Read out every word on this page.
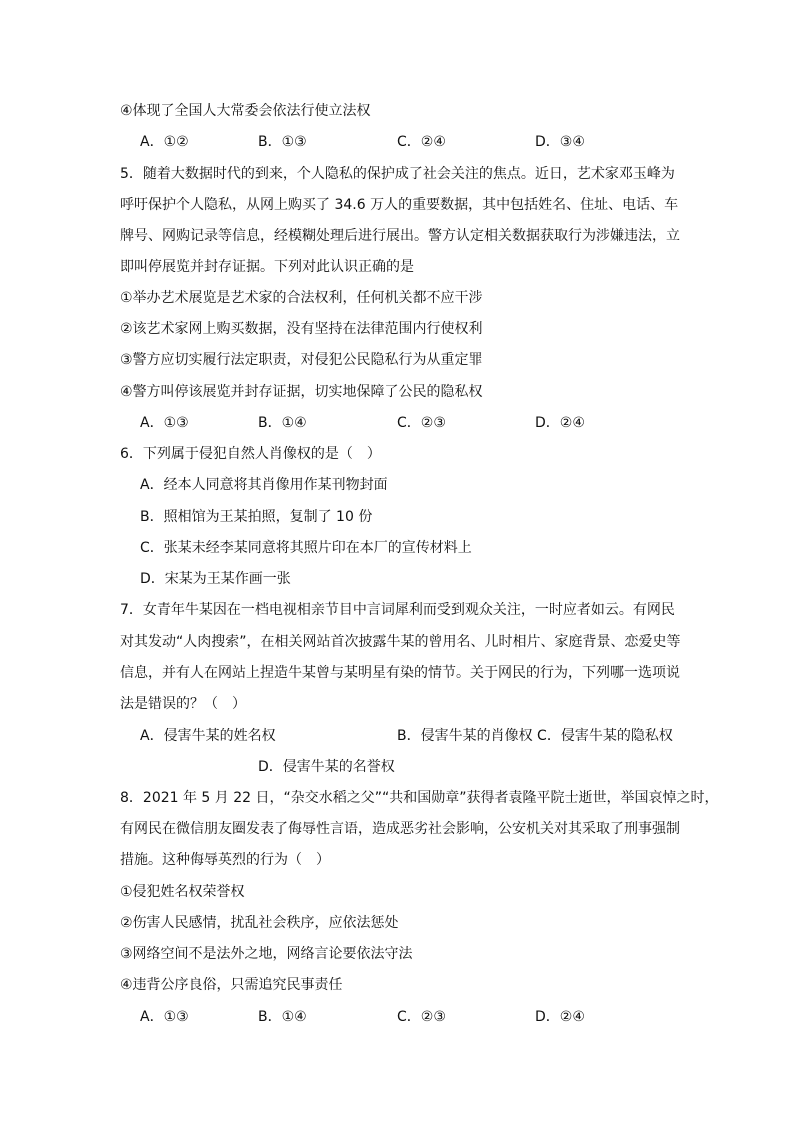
④体现了全国人大常委会依法行使立法权
A．①②	B．①③	C．②④	D．③④
5．随着大数据时代的到来，个人隐私的保护成了社会关注的焦点。近日，艺术家邓玉峰为
呼吁保护个人隐私，从网上购买了 34.6 万人的重要数据，其中包括姓名、住址、电话、车
牌号、网购记录等信息，经模糊处理后进行展出。警方认定相关数据获取行为涉嫌违法，立
即叫停展览并封存证据。下列对此认识正确的是
①举办艺术展览是艺术家的合法权利，任何机关都不应干涉
②该艺术家网上购买数据，没有坚持在法律范围内行使权利
③警方应切实履行法定职责，对侵犯公民隐私行为从重定罪
④警方叫停该展览并封存证据，切实地保障了公民的隐私权
A．①③	B．①④	C．②③	D．②④
6．下列属于侵犯自然人肖像权的是（　）
A．经本人同意将其肖像用作某刊物封面
B．照相馆为王某拍照，复制了 10 份
C．张某未经李某同意将其照片印在本厂的宣传材料上
D．宋某为王某作画一张
7．女青年牛某因在一档电视相亲节目中言词犀利而受到观众关注，一时应者如云。有网民
对其发动“人肉搜索”，在相关网站首次披露牛某的曾用名、儿时相片、家庭背景、恋爱史等
信息，并有人在网站上捏造牛某曾与某明星有染的情节。关于网民的行为，下列哪一选项说
法是错误的？（　）
A．侵害牛某的姓名权	B．侵害牛某的肖像权 C．侵害牛某的隐私权
D．侵害牛某的名誉权
8．2021 年 5 月 22 日，“杂交水稻之父”“共和国勋章”获得者袁隆平院士逝世，举国哀悼之时，
有网民在微信朋友圈发表了侮辱性言语，造成恶劣社会影响，公安机关对其采取了刑事强制
措施。这种侮辱英烈的行为（　）
①侵犯姓名权荣誉权
②伤害人民感情，扰乱社会秩序，应依法惩处
③网络空间不是法外之地，网络言论要依法守法
④违背公序良俗，只需追究民事责任
A．①③	B．①④	C．②③	D．②④
